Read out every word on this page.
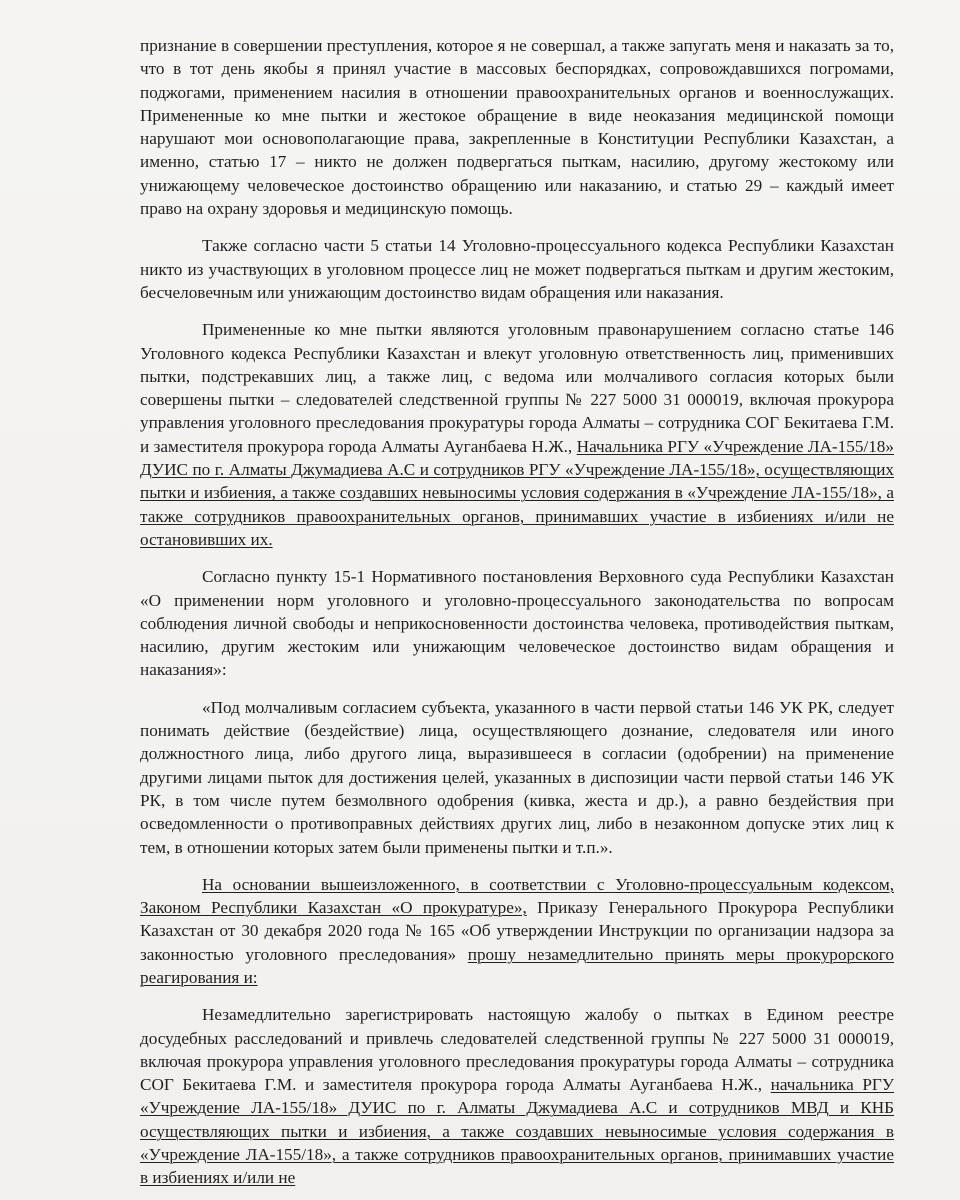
признание в совершении преступления, которое я не совершал, а также запугать меня и наказать за то, что в тот день якобы я принял участие в массовых беспорядках, сопровождавшихся погромами, поджогами, применением насилия в отношении правоохранительных органов и военнослужащих. Примененные ко мне пытки и жестокое обращение в виде неоказания медицинской помощи нарушают мои основополагающие права, закрепленные в Конституции Республики Казахстан, а именно, статью 17 – никто не должен подвергаться пыткам, насилию, другому жестокому или унижающему человеческое достоинство обращению или наказанию, и статью 29 – каждый имеет право на охрану здоровья и медицинскую помощь.

Также согласно части 5 статьи 14 Уголовно-процессуального кодекса Республики Казахстан никто из участвующих в уголовном процессе лиц не может подвергаться пыткам и другим жестоким, бесчеловечным или унижающим достоинство видам обращения или наказания.

Примененные ко мне пытки являются уголовным правонарушением согласно статье 146 Уголовного кодекса Республики Казахстан и влекут уголовную ответственность лиц, применивших пытки, подстрекавших лиц, а также лиц, с ведома или молчаливого согласия которых были совершены пытки – следователей следственной группы № 227 5000 31 000019, включая прокурора управления уголовного преследования прокуратуры города Алматы – сотрудника СОГ Бекитаева Г.М. и заместителя прокурора города Алматы Ауганбаева Н.Ж., Начальника РГУ «Учреждение ЛА-155/18» ДУИС по г. Алматы Джумадиева А.С и сотрудников РГУ «Учреждение ЛА-155/18», осуществляющих пытки и избиения, а также создавших невыносимы условия содержания в «Учреждение ЛА-155/18», а также сотрудников правоохранительных органов, принимавших участие в избиениях и/или не остановивших их.

Согласно пункту 15-1 Нормативного постановления Верховного суда Республики Казахстан «О применении норм уголовного и уголовно-процессуального законодательства по вопросам соблюдения личной свободы и неприкосновенности достоинства человека, противодействия пыткам, насилию, другим жестоким или унижающим человеческое достоинство видам обращения и наказания»:

«Под молчаливым согласием субъекта, указанного в части первой статьи 146 УК РК, следует понимать действие (бездействие) лица, осуществляющего дознание, следователя или иного должностного лица, либо другого лица, выразившееся в согласии (одобрении) на применение другими лицами пыток для достижения целей, указанных в диспозиции части первой статьи 146 УК РК, в том числе путем безмолвного одобрения (кивка, жеста и др.), а равно бездействия при осведомленности о противоправных действиях других лиц, либо в незаконном допуске этих лиц к тем, в отношении которых затем были применены пытки и т.п.».

На основании вышеизложенного, в соответствии с Уголовно-процессуальным кодексом, Законом Республики Казахстан «О прокуратуре», Приказу Генерального Прокурора Республики Казахстан от 30 декабря 2020 года № 165 «Об утверждении Инструкции по организации надзора за законностью уголовного преследования» прошу незамедлительно принять меры прокурорского реагирования и:

Незамедлительно зарегистрировать настоящую жалобу о пытках в Едином реестре досудебных расследований и привлечь следователей следственной группы № 227 5000 31 000019, включая прокурора управления уголовного преследования прокуратуры города Алматы – сотрудника СОГ Бекитаева Г.М. и заместителя прокурора города Алматы Ауганбаева Н.Ж., начальника РГУ «Учреждение ЛА-155/18» ДУИС по г. Алматы Джумадиева А.С и сотрудников МВД и КНБ осуществляющих пытки и избиения, а также создавших невыносимые условия содержания в «Учреждение ЛА-155/18», а также сотрудников правоохранительных органов, принимавших участие в избиениях и/или не
